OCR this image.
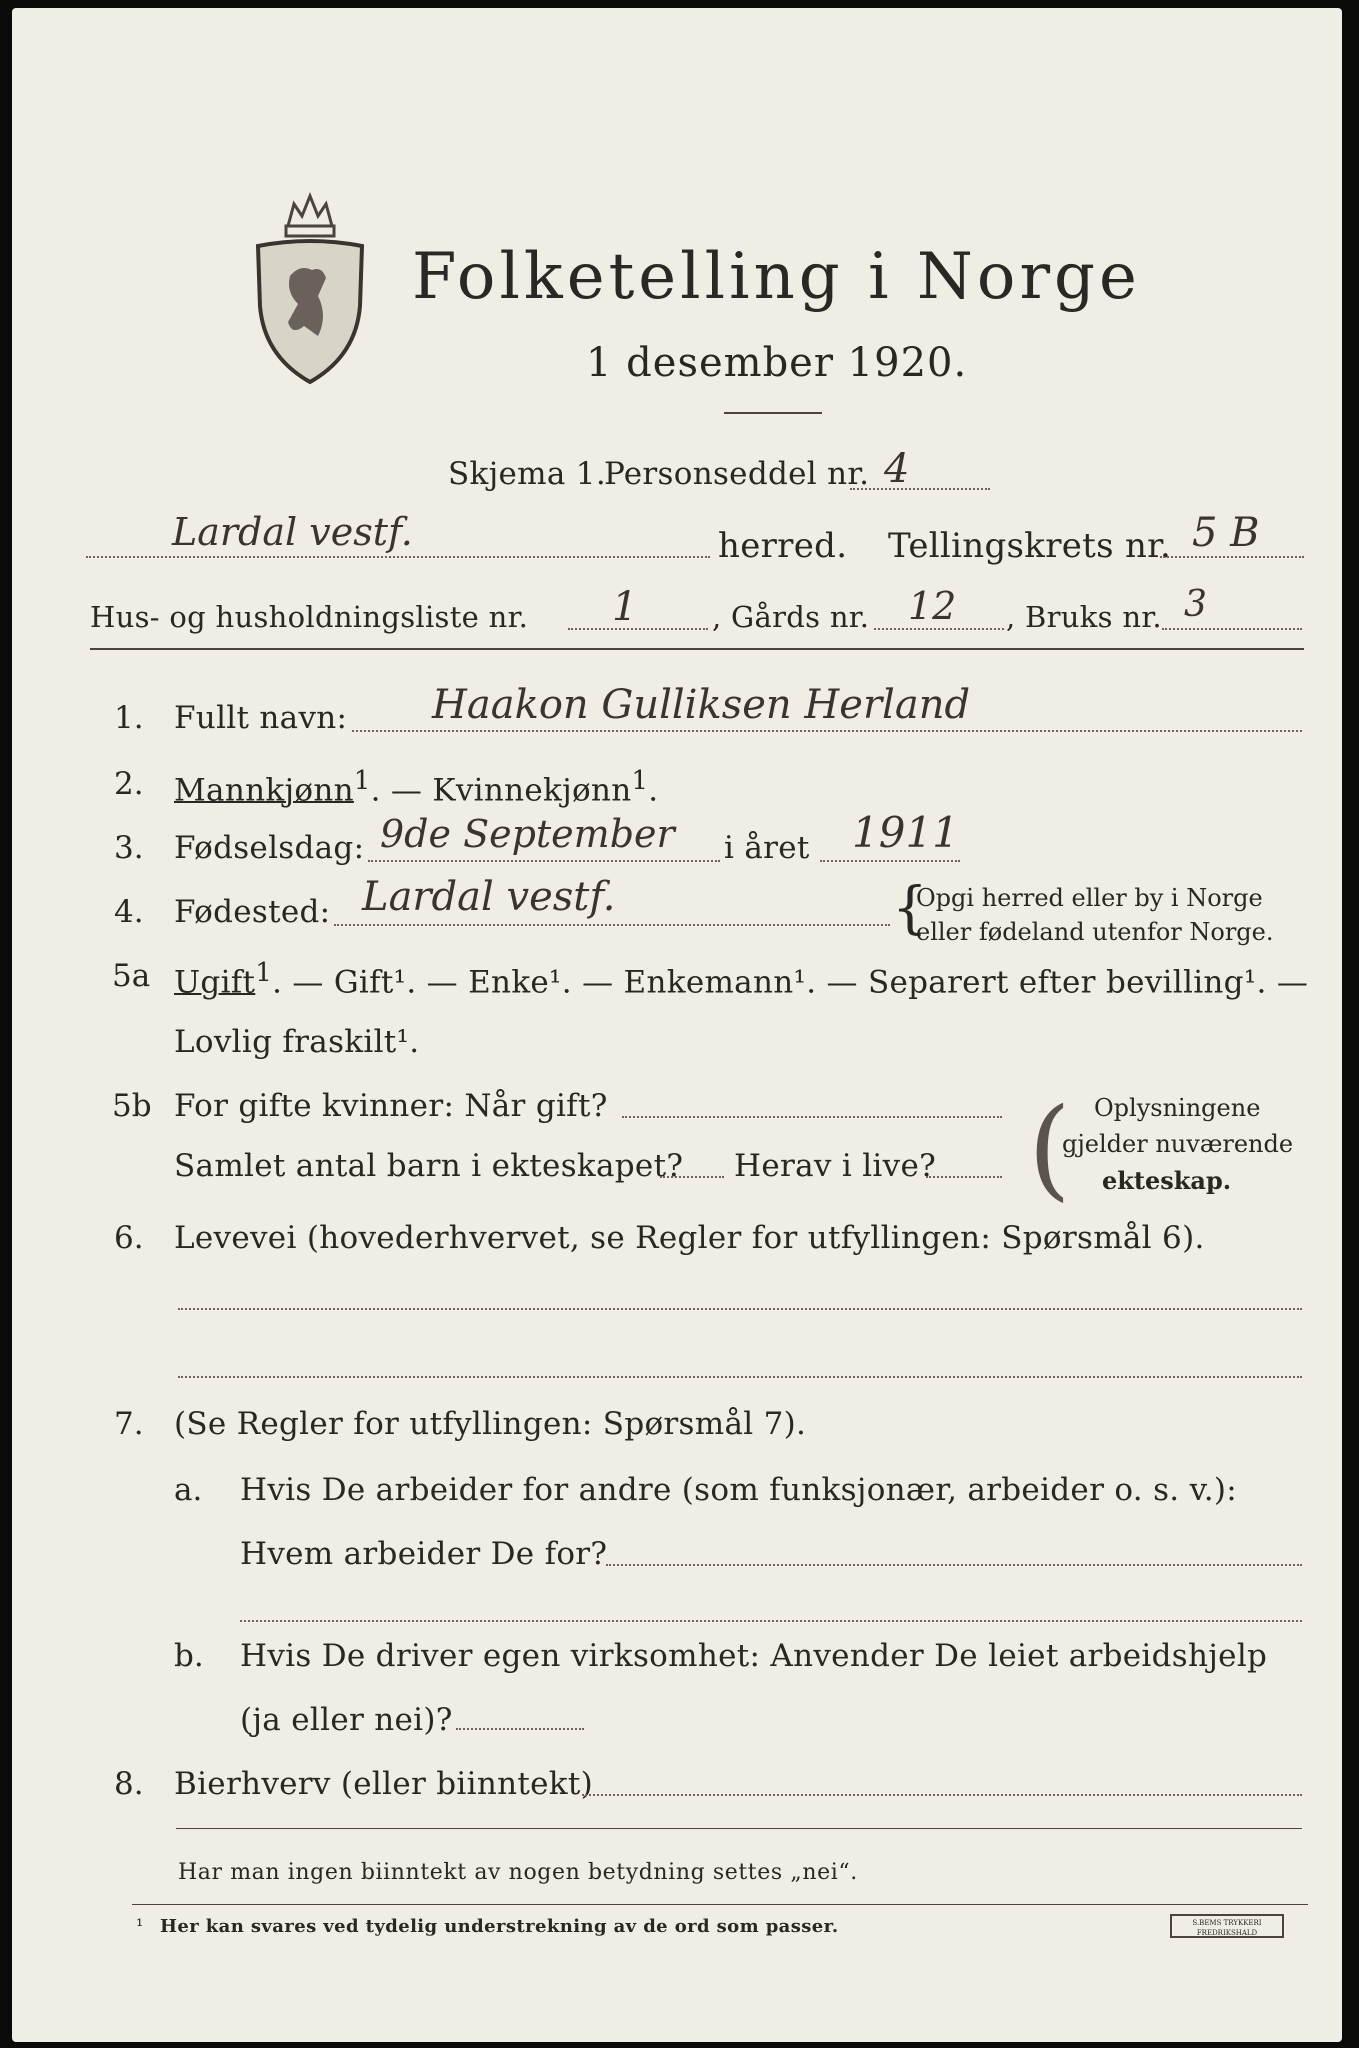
Folketelling i Norge
1 desember 1920.
Skjema 1.
Personseddel nr. 4
Lardal vestf.	herred. Tellingskrets nr. 5 B
Hus- og husholdningsliste nr. 1	, Gårds nr. 12 , Bruks nr. 3
1. Fullt navn: Haakon Gulliksen Herland
2. Mannkjønn$^1$. — Kvinnekjønn$^1$.
3. Fødselsdag: 9de September i året 1911
4. Fødested: Lardal vestf.	{
Opgi herred eller by i Norge
eller fødeland utenfor Norge.
5a Ugift$^1$. — Gift¹. — Enke¹. — Enkemann¹. — Separert efter bevilling¹. —
Lovlig fraskilt¹.
5b For gifte kvinner: Når gift?
Samlet antal barn i ekteskapet? Herav i live? ( Oplysningene
gjelder nuværende
ekteskap.
6. Levevei (hovederhvervet, se Regler for utfyllingen: Spørsmål 6).
7. (Se Regler for utfyllingen: Spørsmål 7).
a. Hvis De arbeider for andre (som funksjonær, arbeider o. s. v.):
Hvem arbeider De for?
b. Hvis De driver egen virksomhet: Anvender De leiet arbeidshjelp
(ja eller nei)?
8. Bierhverv (eller biinntekt)
Har man ingen biinntekt av nogen betydning settes „nei“.
¹ Her kan svares ved tydelig understrekning av de ord som passer.	S.BEMS TRYKKERI FREDRIKSHALD
